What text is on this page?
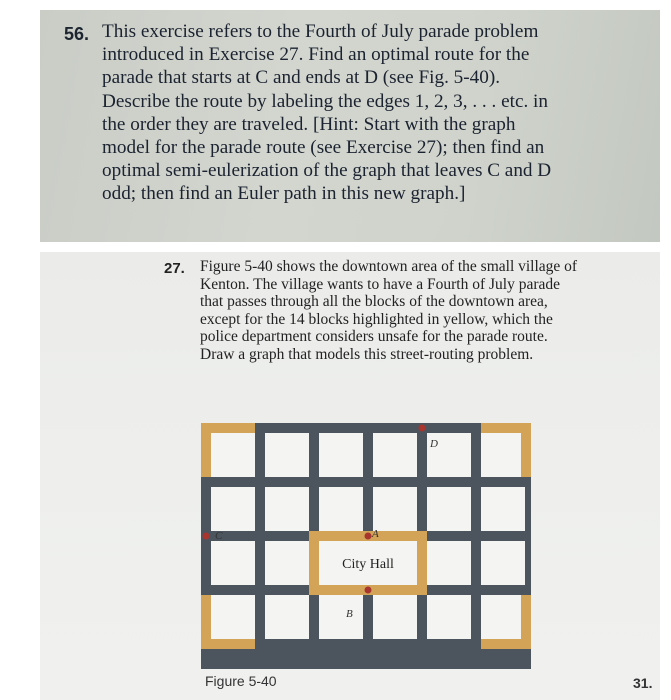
56. This exercise refers to the Fourth of July parade problem
introduced in Exercise 27. Find an optimal route for the
parade that starts at C and ends at D (see Fig. 5-40).
Describe the route by labeling the edges 1, 2, 3, . . . etc. in
the order they are traveled. [Hint: Start with the graph
model for the parade route (see Exercise 27); then find an
optimal semi-eulerization of the graph that leaves C and D
odd; then find an Euler path in this new graph.]
27. Figure 5-40 shows the downtown area of the small village of
Kenton. The village wants to have a Fourth of July parade
that passes through all the blocks of the downtown area,
except for the 14 blocks highlighted in yellow, which the
police department considers unsafe for the parade route.
Draw a graph that models this street-routing problem.
C	A
B
D
City Hall
Figure 5-40	31.
